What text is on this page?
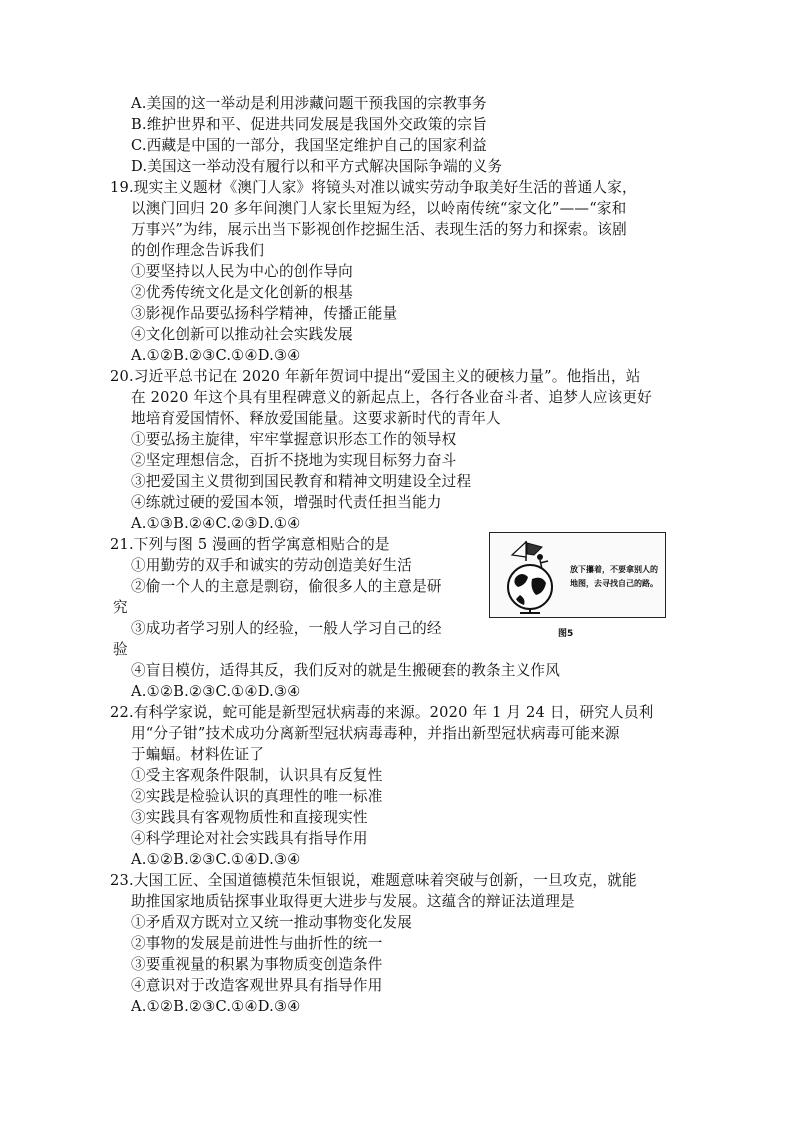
A.美国的这一举动是利用涉藏问题干预我国的宗教事务
B.维护世界和平、促进共同发展是我国外交政策的宗旨
C.西藏是中国的一部分，我国坚定维护自己的国家利益
D.美国这一举动没有履行以和平方式解决国际争端的义务
19.现实主义题材《澳门人家》将镜头对准以诚实劳动争取美好生活的普通人家，
以澳门回归 20 多年间澳门人家长里短为经，以岭南传统“家文化”——“家和
万事兴”为纬，展示出当下影视创作挖掘生活、表现生活的努力和探索。该剧
的创作理念告诉我们
①要坚持以人民为中心的创作导向
②优秀传统文化是文化创新的根基
③影视作品要弘扬科学精神，传播正能量
④文化创新可以推动社会实践发展
A.①②B.②③C.①④D.③④
20.习近平总书记在 2020 年新年贺词中提出“爱国主义的硬核力量”。他指出，站
在 2020 年这个具有里程碑意义的新起点上，各行各业奋斗者、追梦人应该更好
地培育爱国情怀、释放爱国能量。这要求新时代的青年人
①要弘扬主旋律，牢牢掌握意识形态工作的领导权
②坚定理想信念，百折不挠地为实现目标努力奋斗
③把爱国主义贯彻到国民教育和精神文明建设全过程
④练就过硬的爱国本领，增强时代责任担当能力
A.①③B.②④C.②③D.①④
21.下列与图 5 漫画的哲学寓意相贴合的是
①用勤劳的双手和诚实的劳动创造美好生活
②偷一个人的主意是剽窃，偷很多人的主意是研
究
③成功者学习别人的经验，一般人学习自己的经
验
④盲目模仿，适得其反，我们反对的就是生搬硬套的教条主义作风
A.①②B.②③C.①④D.③④
22.有科学家说，蛇可能是新型冠状病毒的来源。2020 年 1 月 24 日，研究人员利
用“分子钳”技术成功分离新型冠状病毒毒种，并指出新型冠状病毒可能来源
于蝙蝠。材料佐证了
①受主客观条件限制，认识具有反复性
②实践是检验认识的真理性的唯一标准
③实践具有客观物质性和直接现实性
④科学理论对社会实践具有指导作用
A.①②B.②③C.①④D.③④
23.大国工匠、全国道德模范朱恒银说，难题意味着突破与创新，一旦攻克，就能
助推国家地质钻探事业取得更大进步与发展。这蕴含的辩证法道理是
①矛盾双方既对立又统一推动事物变化发展
②事物的发展是前进性与曲折性的统一
③要重视量的积累为事物质变创造条件
④意识对于改造客观世界具有指导作用
A.①②B.②③C.①④D.③④
放下攥着，不要拿别人的地图，去寻找自己的路。
图5
